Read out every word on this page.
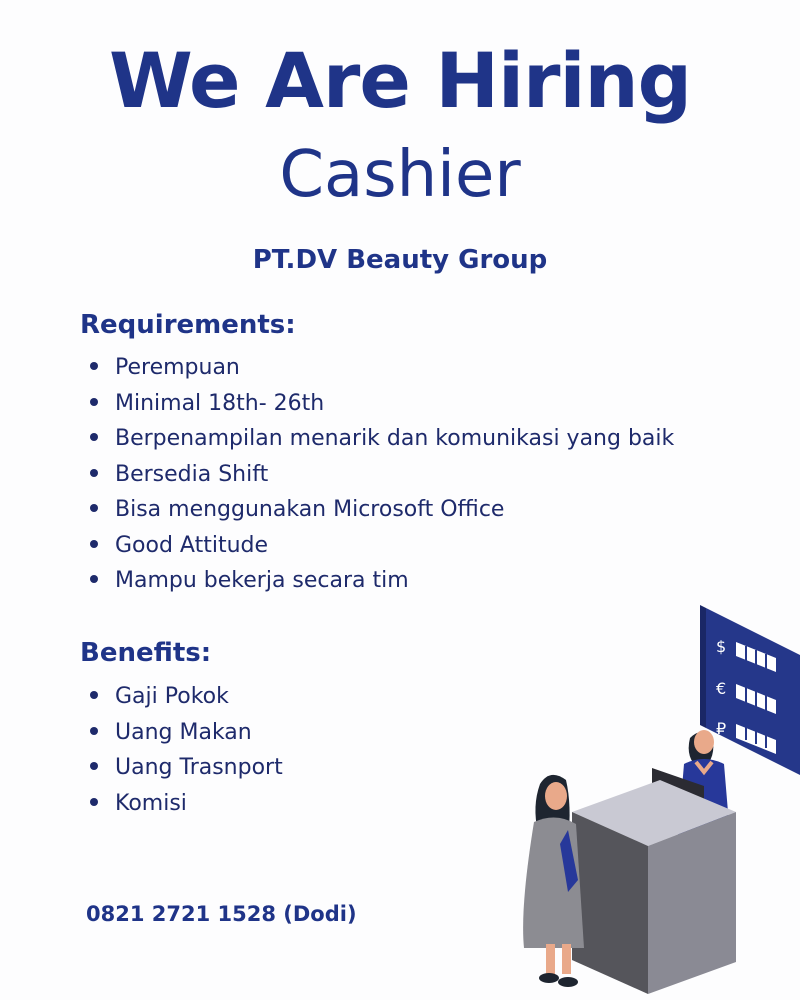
We Are Hiring
Cashier

PT.DV Beauty Group

Requirements:
Perempuan
Minimal 18th- 26th
Berpenampilan menarik dan komunikasi yang baik
Bersedia Shift
Bisa menggunakan Microsoft Office
Good Attitude
Mampu bekerja secara tim
Benefits:
Gaji Pokok
Uang Makan
Uang Trasnport
Komisi

0821 2721 1528 (Dodi)

$
€
₽
